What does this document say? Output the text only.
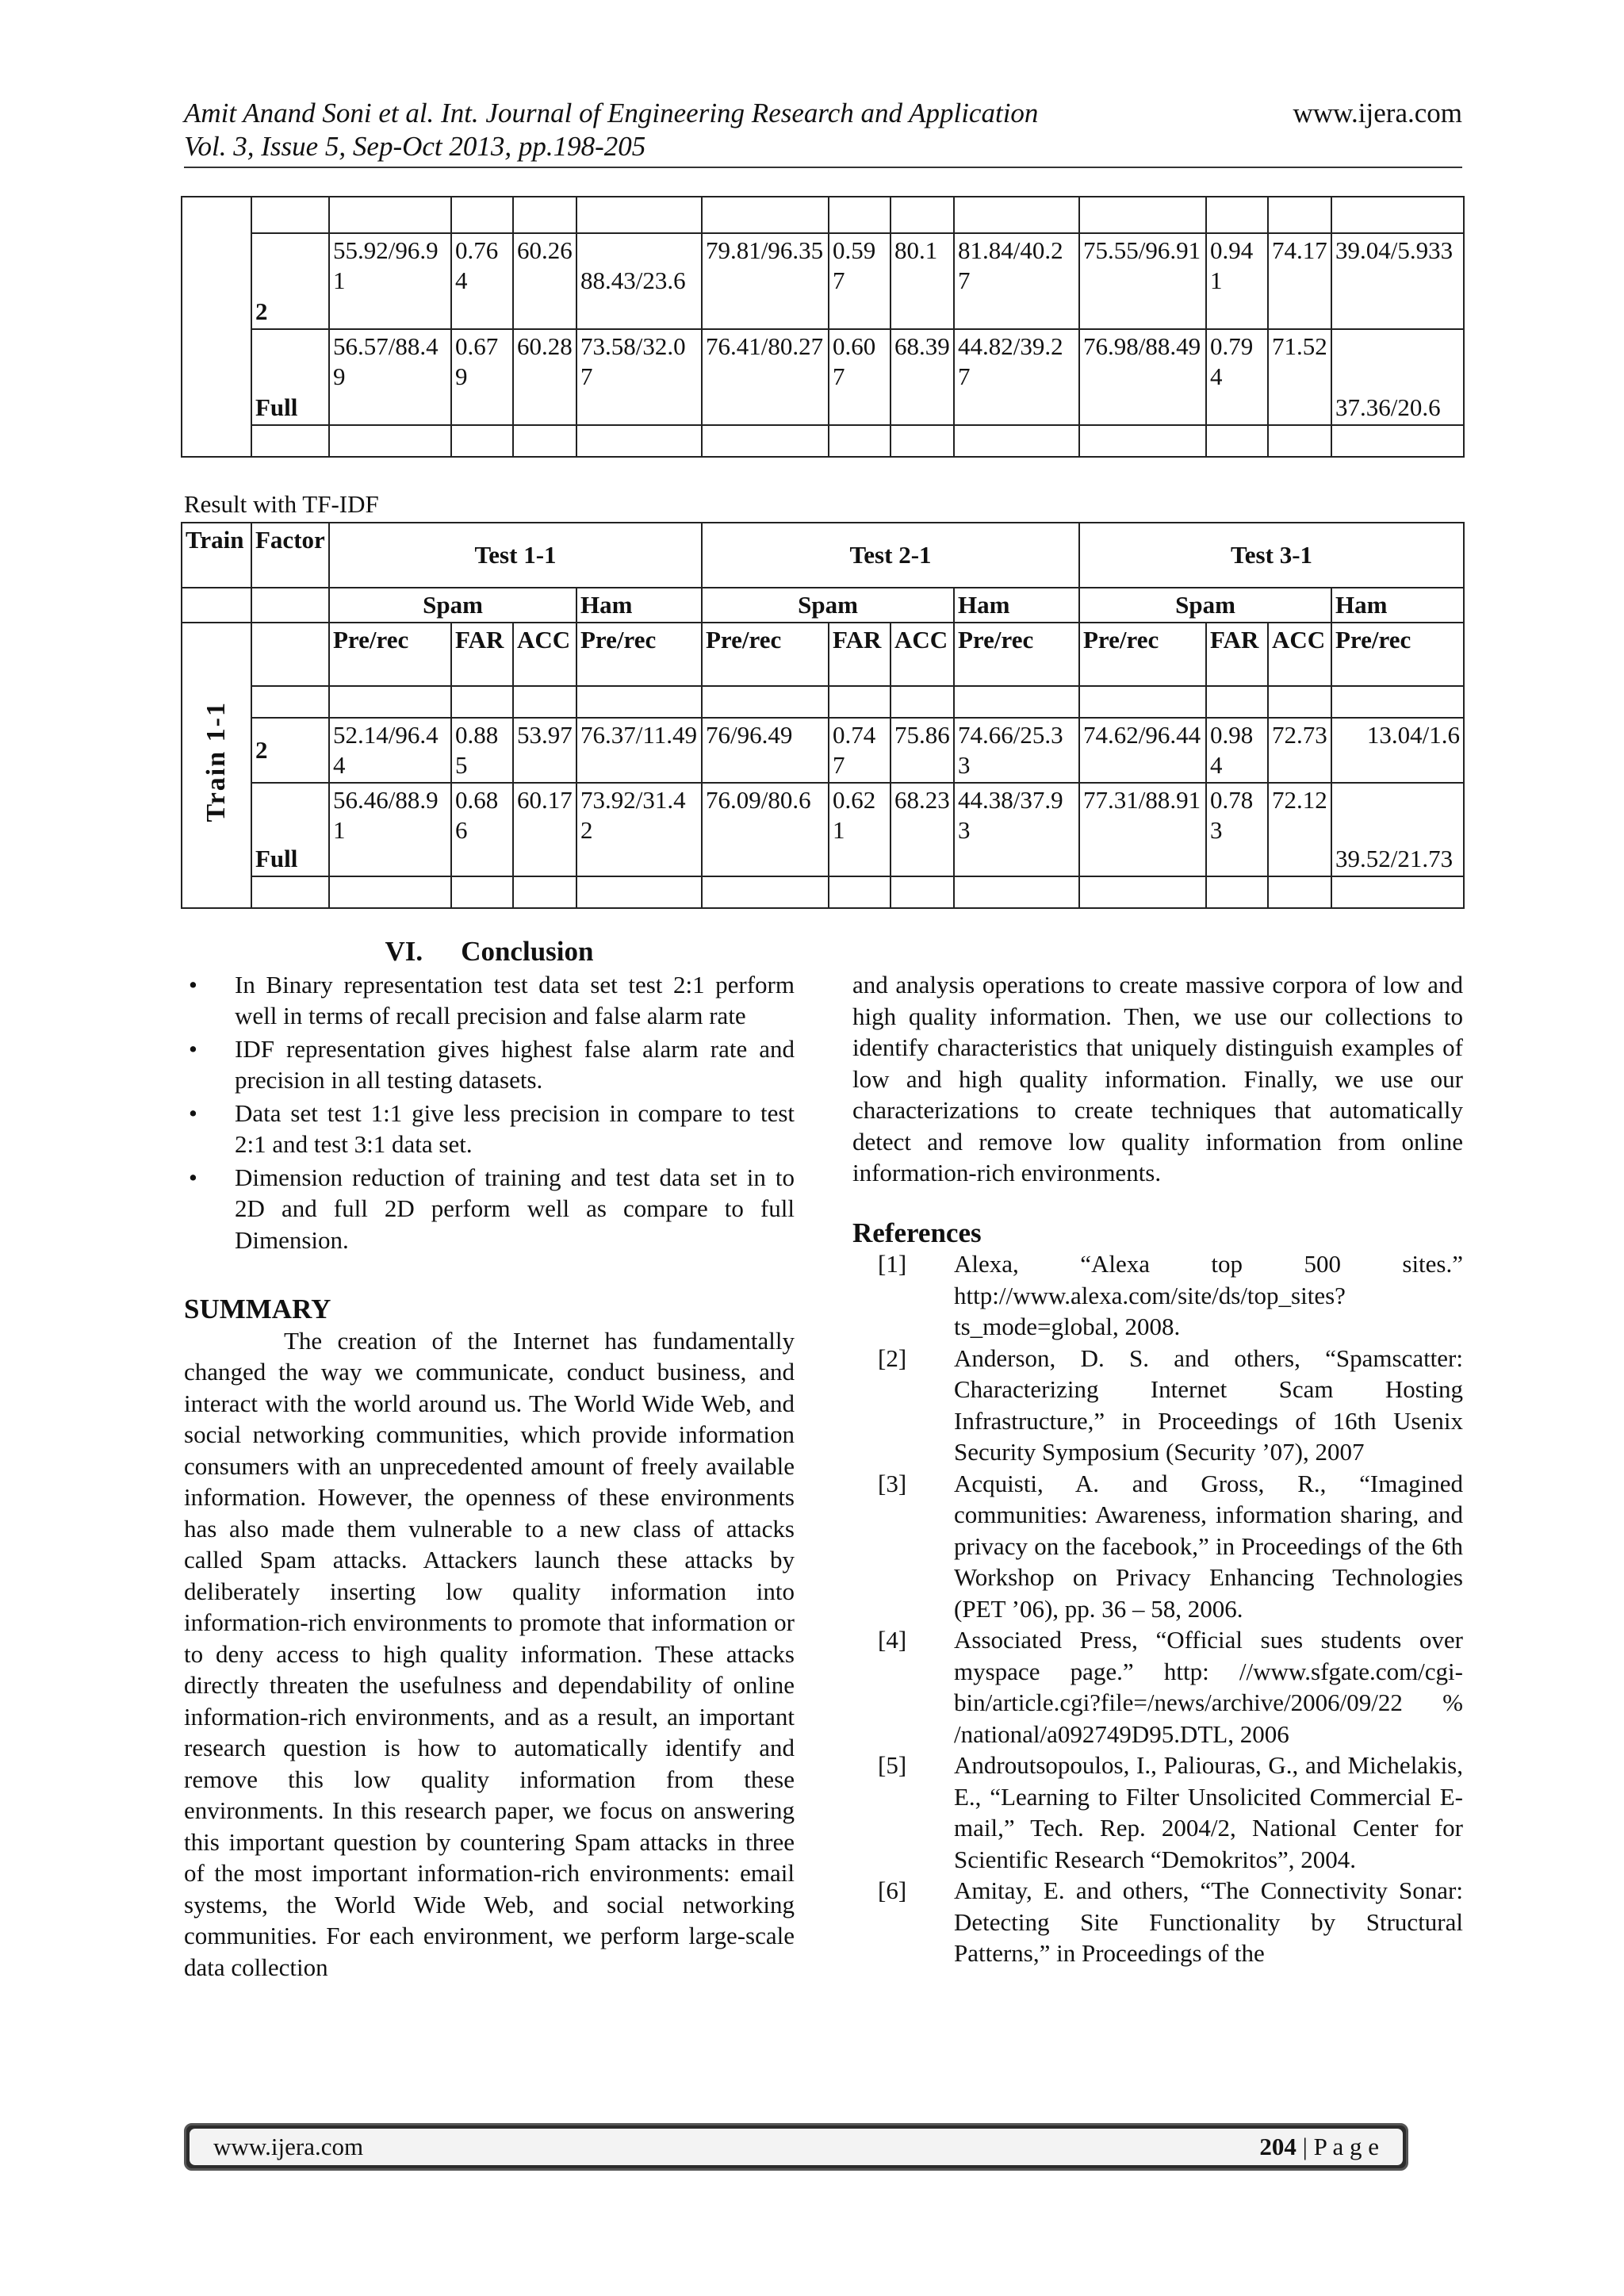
Amit Anand Soni et al. Int. Journal of Engineering Research and Application	www.ijera.com
Vol. 3, Issue 5, Sep-Oct 2013, pp.198-205

	2	55.92/96.91	0.764	60.26	88.43/23.6	79.81/96.35	0.597	80.1	81.84/40.27	75.55/96.91	0.941	74.17	39.04/5.933
	Full	56.57/88.49	0.679	60.28	73.58/32.07	76.41/80.27	0.607	68.39	44.82/39.27	76.98/88.49	0.794	71.52	37.36/20.6

Result with TF-IDF
Train	Factor	Test 1-1				Test 2-1				Test 3-1			
		Spam			Ham	Spam			Ham	Spam			Ham
Train 1-1		Pre/rec	FAR	ACC	Pre/rec	Pre/rec	FAR	ACC	Pre/rec	Pre/rec	FAR	ACC	Pre/rec

	2	52.14/96.44	0.885	53.97	76.37/11.49	76/96.49	0.747	75.86	74.66/25.33	74.62/96.44	0.984	72.73	13.04/1.6
	Full	56.46/88.91	0.686	60.17	73.92/31.42	76.09/80.6	0.621	68.23	44.38/37.93	77.31/88.91	0.783	72.12	39.52/21.73

VI. Conclusion
• In Binary representation test data set test 2:1 perform well in terms of recall precision and false alarm rate
• IDF representation gives highest false alarm rate and precision in all testing datasets.
• Data set test 1:1 give less precision in compare to test 2:1 and test 3:1 data set.
• Dimension reduction of training and test data set in to 2D and full 2D perform well as compare to full Dimension.
SUMMARY
The creation of the Internet has fundamentally changed the way we communicate, conduct business, and interact with the world around us. The World Wide Web, and social networking communities, which provide information consumers with an unprecedented amount of freely available information. However, the openness of these environments has also made them vulnerable to a new class of attacks called Spam attacks. Attackers launch these attacks by deliberately inserting low quality information into information-rich environments to promote that information or to deny access to high quality information. These attacks directly threaten the usefulness and dependability of online information-rich environments, and as a result, an important research question is how to automatically identify and remove this low quality information from these environments. In this research paper, we focus on answering this important question by countering Spam attacks in three of the most important information-rich environments: email systems, the World Wide Web, and social networking communities. For each environment, we perform large-scale data collection
and analysis operations to create massive corpora of low and high quality information. Then, we use our collections to identify characteristics that uniquely distinguish examples of low and high quality information. Finally, we use our characterizations to create techniques that automatically detect and remove low quality information from online information-rich environments.
References
[1]	Alexa, “Alexa top 500 sites.” http://www.alexa.com/site/ds/top_sites?ts_mode=global, 2008.
[2]	Anderson, D. S. and others, “Spamscatter: Characterizing Internet Scam Hosting Infrastructure,” in Proceedings of 16th Usenix Security Symposium (Security ’07), 2007
[3]	Acquisti, A. and Gross, R., “Imagined communities: Awareness, information sharing, and privacy on the facebook,” in Proceedings of the 6th Workshop on Privacy Enhancing Technologies (PET ’06), pp. 36 – 58, 2006.
[4]	Associated Press, “Official sues students over myspace page.” http: //www.sfgate.com/cgi-bin/article.cgi?file=/news/archive/2006/09/22 % /national/a092749D95.DTL, 2006
[5]	Androutsopoulos, I., Paliouras, G., and Michelakis, E., “Learning to Filter Unsolicited Commercial E-mail,” Tech. Rep. 2004/2, National Center for Scientific Research “Demokritos”, 2004.
[6]	Amitay, E. and others, “The Connectivity Sonar: Detecting Site Functionality by Structural Patterns,” in Proceedings of the
www.ijera.com	204 | P a g e
